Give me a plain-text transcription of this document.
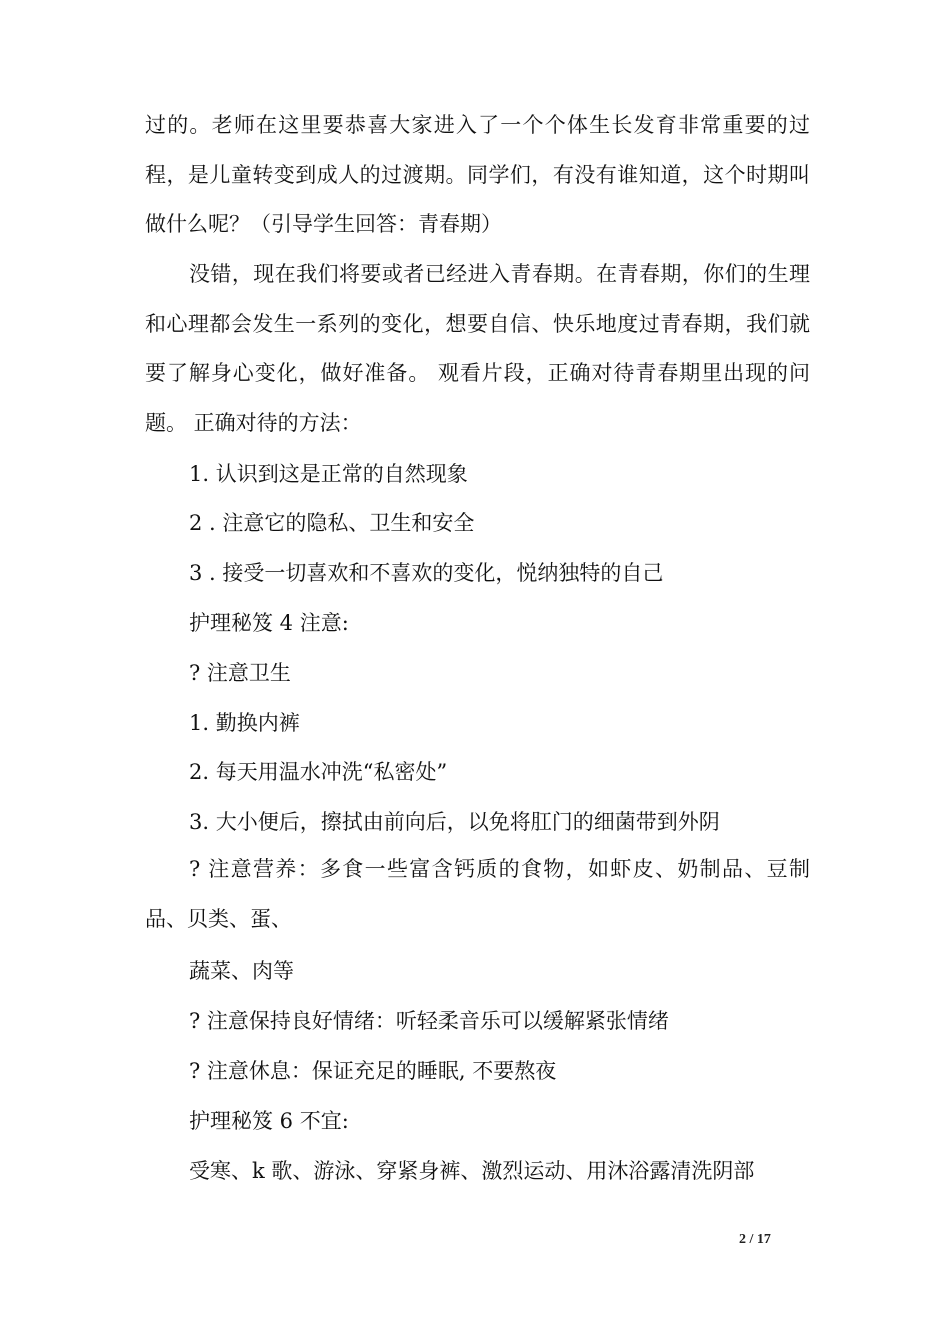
过的。老师在这里要恭喜大家进入了一个个体生长发育非常重要的过程，是儿童转变到成人的过渡期。同学们，有没有谁知道，这个时期叫做什么呢？（引导学生回答：青春期）

没错，现在我们将要或者已经进入青春期。在青春期，你们的生理和心理都会发生一系列的变化，想要自信、快乐地度过青春期，我们就要了解身心变化，做好准备。 观看片段，正确对待青春期里出现的问题。 正确对待的方法：

1. 认识到这是正常的自然现象

2 . 注意它的隐私、卫生和安全

3 . 接受一切喜欢和不喜欢的变化，悦纳独特的自己

护理秘笈 4 注意:

? 注意卫生

1. 勤换内裤

2. 每天用温水冲洗“私密处”

3. 大小便后，擦拭由前向后，以免将肛门的细菌带到外阴

? 注意营养：多食一些富含钙质的食物，如虾皮、奶制品、豆制品、贝类、蛋、

蔬菜、肉等

? 注意保持良好情绪：听轻柔音乐可以缓解紧张情绪

? 注意休息：保证充足的睡眠, 不要熬夜

护理秘笈 6 不宜:

受寒、k 歌、游泳、穿紧身裤、激烈运动、用沐浴露清洗阴部

2 / 17
